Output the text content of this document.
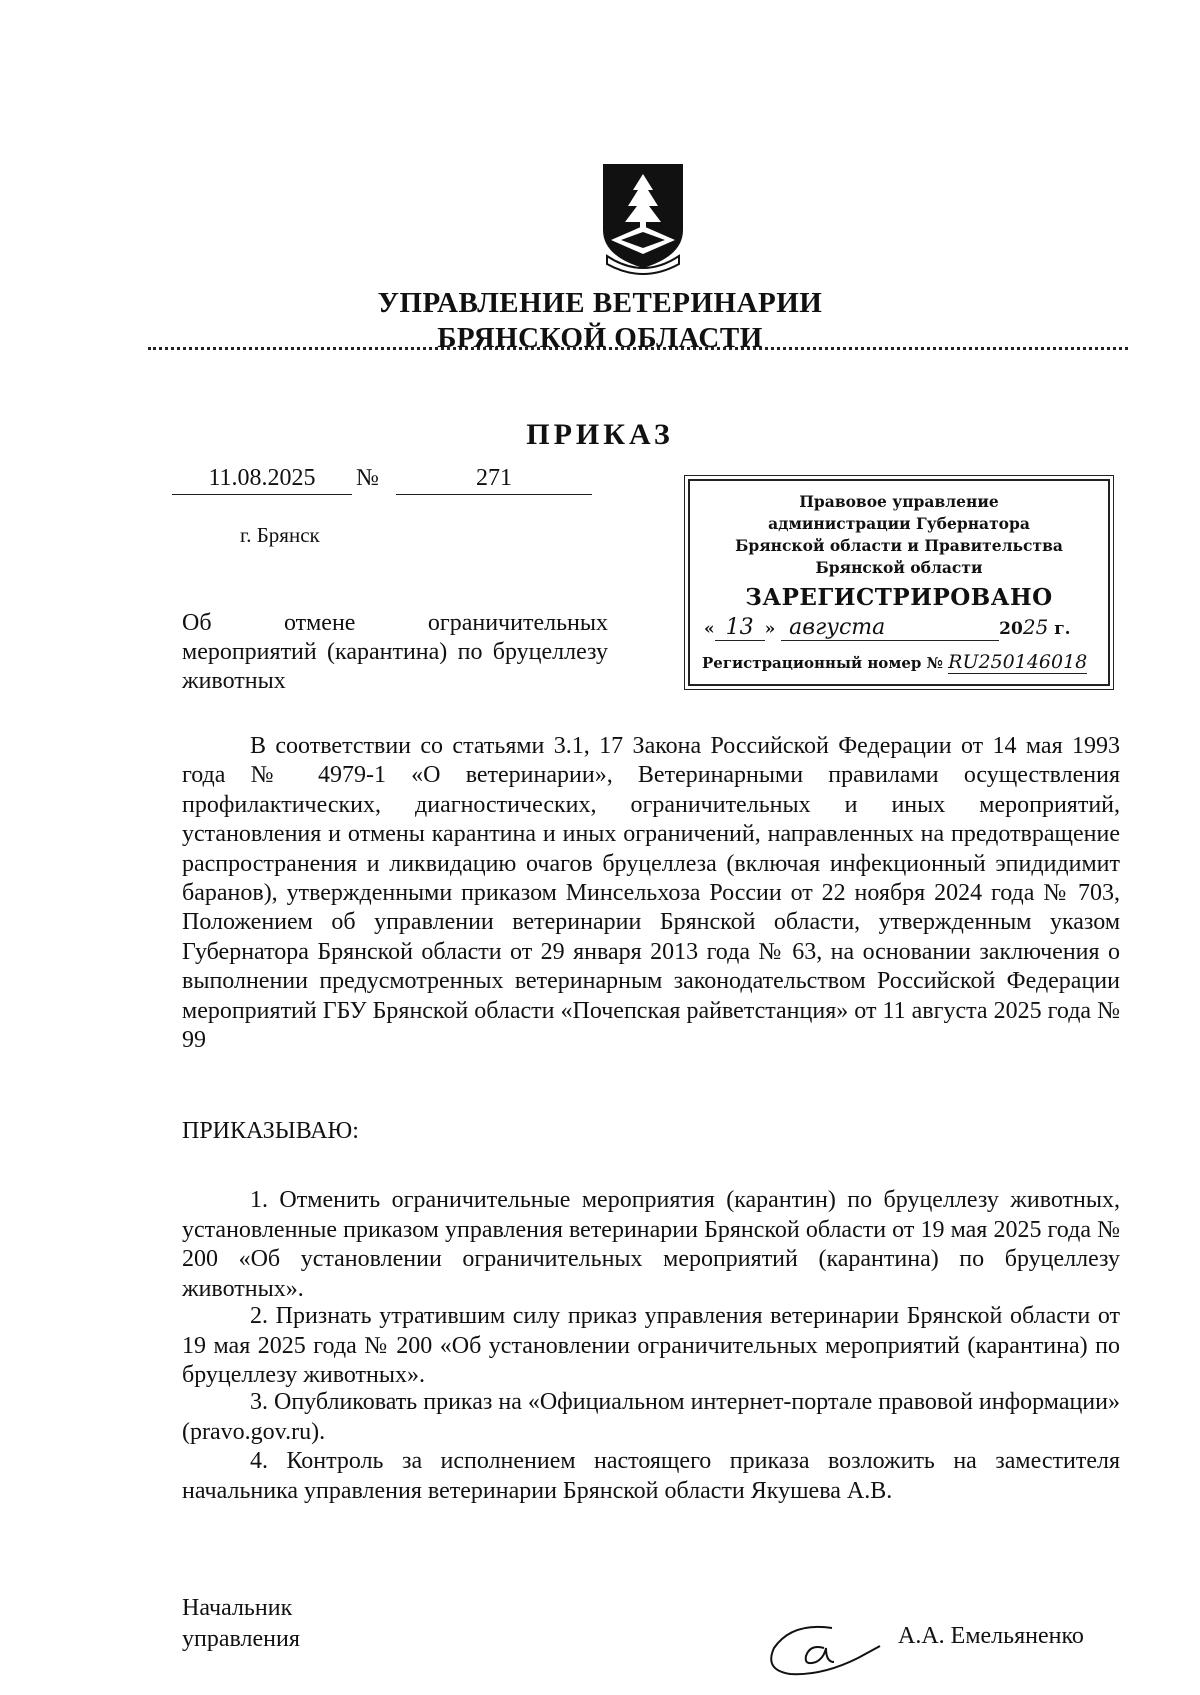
УПРАВЛЕНИЕ ВЕТЕРИНАРИИ
БРЯНСКОЙ ОБЛАСТИ
ПРИКАЗ
11.08.2025	№	271
г. Брянск
Правовое управление
администрации Губернатора
Брянской области и Правительства
Брянской области
ЗАРЕГИСТРИРОВАНО
« 13 » августа	2025 г.
Регистрационный номер № RU250146018
Об отмене ограничительных мероприятий (карантина) по бруцеллезу животных
В соответствии со статьями 3.1, 17 Закона Российской Федерации от 14 мая 1993 года № 4979-1 «О ветеринарии», Ветеринарными правилами осуществления профилактических, диагностических, ограничительных и иных мероприятий, установления и отмены карантина и иных ограничений, направленных на предотвращение распространения и ликвидацию очагов бруцеллеза (включая инфекционный эпидидимит баранов), утвержденными приказом Минсельхоза России от 22 ноября 2024 года № 703, Положением об управлении ветеринарии Брянской области, утвержденным указом Губернатора Брянской области от 29 января 2013 года № 63, на основании заключения о выполнении предусмотренных ветеринарным законодательством Российской Федерации мероприятий ГБУ Брянской области «Почепская райветстанция» от 11 августа 2025 года № 99
ПРИКАЗЫВАЮ:
1. Отменить ограничительные мероприятия (карантин) по бруцеллезу животных, установленные приказом управления ветеринарии Брянской области от 19 мая 2025 года № 200 «Об установлении ограничительных мероприятий (карантина) по бруцеллезу животных».
2. Признать утратившим силу приказ управления ветеринарии Брянской области от 19 мая 2025 года № 200 «Об установлении ограничительных мероприятий (карантина) по бруцеллезу животных».
3. Опубликовать приказ на «Официальном интернет-портале правовой информации» (pravo.gov.ru).
4. Контроль за исполнением настоящего приказа возложить на заместителя начальника управления ветеринарии Брянской области Якушева А.В.
Начальник
управления	А.А. Емельяненко
